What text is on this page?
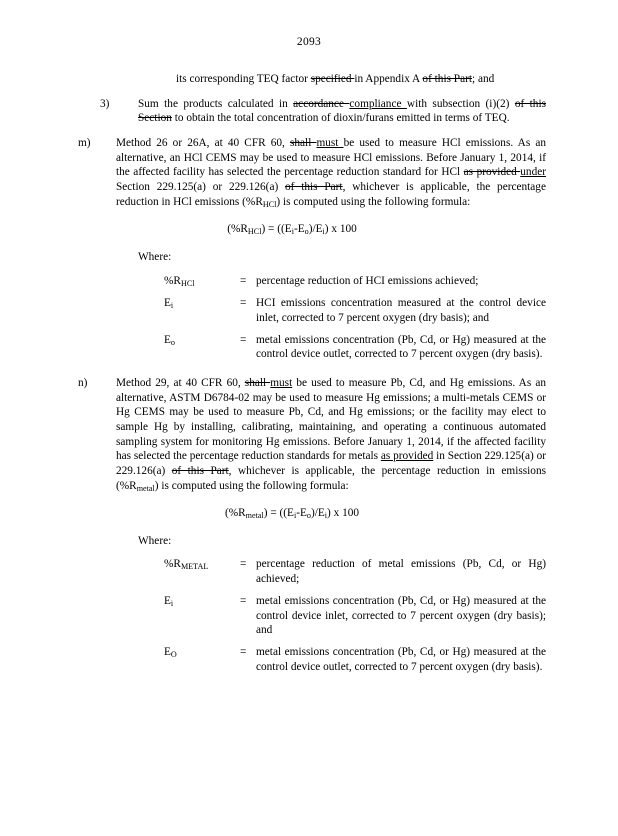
2093
its corresponding TEQ factor specified in Appendix A of this Part; and
3)	Sum the products calculated in accordance compliance with subsection (i)(2) of this Section to obtain the total concentration of dioxin/furans emitted in terms of TEQ.
m)	Method 26 or 26A, at 40 CFR 60, shall must be used to measure HCl emissions. As an alternative, an HCl CEMS may be used to measure HCl emissions. Before January 1, 2014, if the affected facility has selected the percentage reduction standard for HCl as provided under Section 229.125(a) or 229.126(a) of this Part, whichever is applicable, the percentage reduction in HCl emissions $(\%R_{HCl})$ is computed using the following formula:
$(\%R_{HCl}) = ((E_i-E_o)/E_i)$ x 100
Where:
$\%R_{HCl}$	= percentage reduction of HCI emissions achieved;
$E_i$	= HCI emissions concentration measured at the control device inlet, corrected to 7 percent oxygen (dry basis); and
$E_o$	= metal emissions concentration (Pb, Cd, or Hg) measured at the control device outlet, corrected to 7 percent oxygen (dry basis).
n)	Method 29, at 40 CFR 60, shall must be used to measure Pb, Cd, and Hg emissions. As an alternative, ASTM D6784-02 may be used to measure Hg emissions; a multi-metals CEMS or Hg CEMS may be used to measure Pb, Cd, and Hg emissions; or the facility may elect to sample Hg by installing, calibrating, maintaining, and operating a continuous automated sampling system for monitoring Hg emissions. Before January 1, 2014, if the affected facility has selected the percentage reduction standards for metals as provided in Section 229.125(a) or 229.126(a) of this Part, whichever is applicable, the percentage reduction in emissions $(\%R_{metal})$ is computed using the following formula:
$(\%R_{metal}) = ((E_i-E_o)/E_i)$ x 100
Where:
$\%R_{METAL}$	= percentage reduction of metal emissions (Pb, Cd, or Hg) achieved;
$E_i$	= metal emissions concentration (Pb, Cd, or Hg) measured at the control device inlet, corrected to 7 percent oxygen (dry basis); and
$E_O$	= metal emissions concentration (Pb, Cd, or Hg) measured at the control device outlet, corrected to 7 percent oxygen (dry basis).
